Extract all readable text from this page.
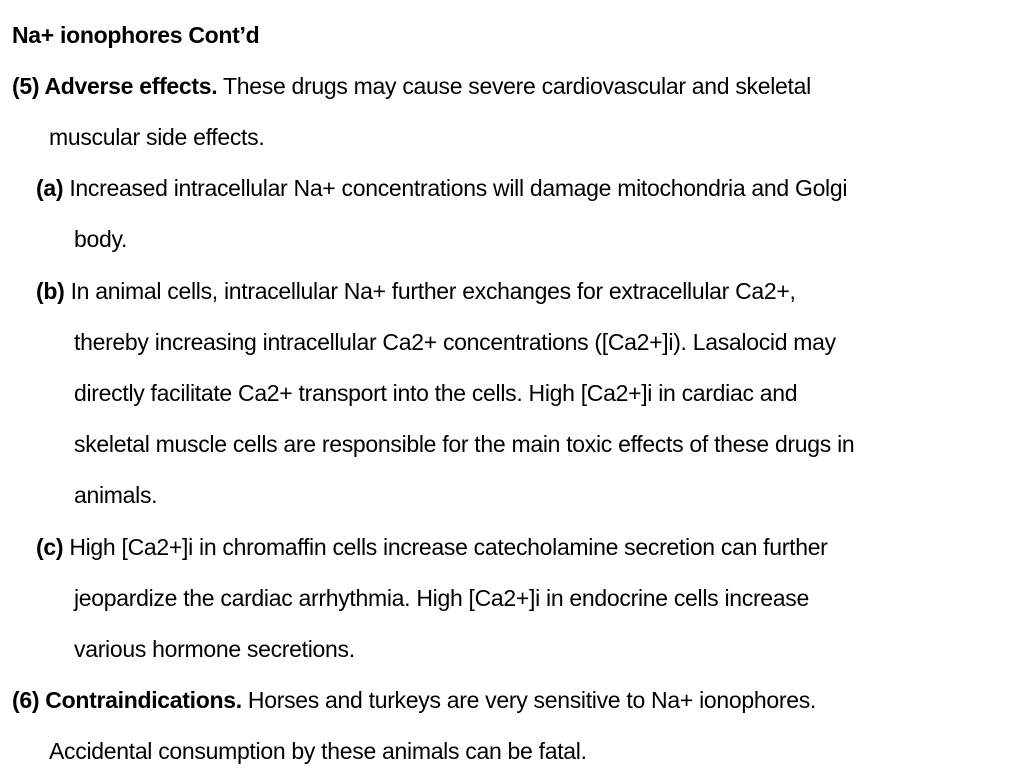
Na+ ionophores Cont’d
(5) Adverse effects. These drugs may cause severe cardiovascular and skeletal
muscular side effects.
(a) Increased intracellular Na+ concentrations will damage mitochondria and Golgi
body.
(b) In animal cells, intracellular Na+ further exchanges for extracellular Ca2+,
thereby increasing intracellular Ca2+ concentrations ([Ca2+]i). Lasalocid may
directly facilitate Ca2+ transport into the cells. High [Ca2+]i in cardiac and
skeletal muscle cells are responsible for the main toxic effects of these drugs in
animals.
(c) High [Ca2+]i in chromaffin cells increase catecholamine secretion can further
jeopardize the cardiac arrhythmia. High [Ca2+]i in endocrine cells increase
various hormone secretions.
(6) Contraindications. Horses and turkeys are very sensitive to Na+ ionophores.
Accidental consumption by these animals can be fatal.
